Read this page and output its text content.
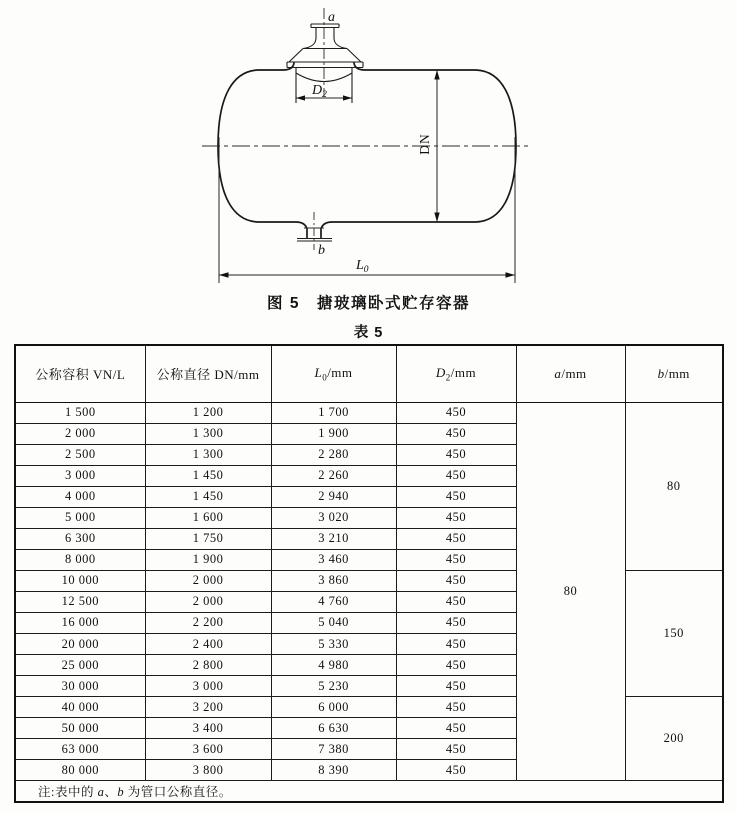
a
$D_2$
DN
b
$L_0$
图 5　搪玻璃卧式贮存容器
表 5
公称容积 VN/L	公称直径 DN/mm	$L_0/mm$	$D_2/mm$	a/mm	b/mm
1 500	1 200	1 700	450	80	80
2 000	1 300	1 900	450		
2 500	1 300	2 280	450		
3 000	1 450	2 260	450		
4 000	1 450	2 940	450		
5 000	1 600	3 020	450		
6 300	1 750	3 210	450		
8 000	1 900	3 460	450		
10 000	2 000	3 860	450		150
12 500	2 000	4 760	450		
16 000	2 200	5 040	450		
20 000	2 400	5 330	450		
25 000	2 800	4 980	450		
30 000	3 000	5 230	450		
40 000	3 200	6 000	450		200
50 000	3 400	6 630	450		
63 000	3 600	7 380	450		
80 000	3 800	8 390	450		
注:表中的 a、b 为管口公称直径。					
